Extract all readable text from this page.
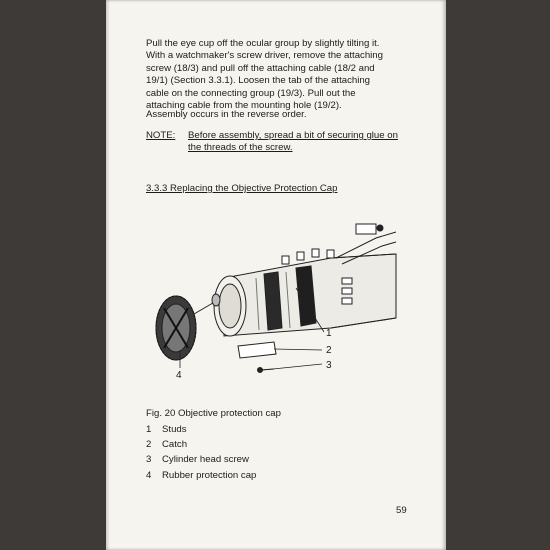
Pull the eye cup off the ocular group by slightly tilting it.
With a watchmaker's screw driver, remove the attaching
screw (18/3) and pull off the attaching cable (18/2 and
19/1) (Section 3.3.1). Loosen the tab of the attaching
cable on the connecting group (19/3). Pull out the
attaching cable from the mounting hole (19/2).
Assembly occurs in the reverse order.
NOTE: Before assembly, spread a bit of securing glue on
the threads of the screw.
3.3.3 Replacing the Objective Protection Cap
1
2
3
4
Fig. 20 Objective protection cap
1 Studs
2 Catch
3 Cylinder head screw
4 Rubber protection cap
59
